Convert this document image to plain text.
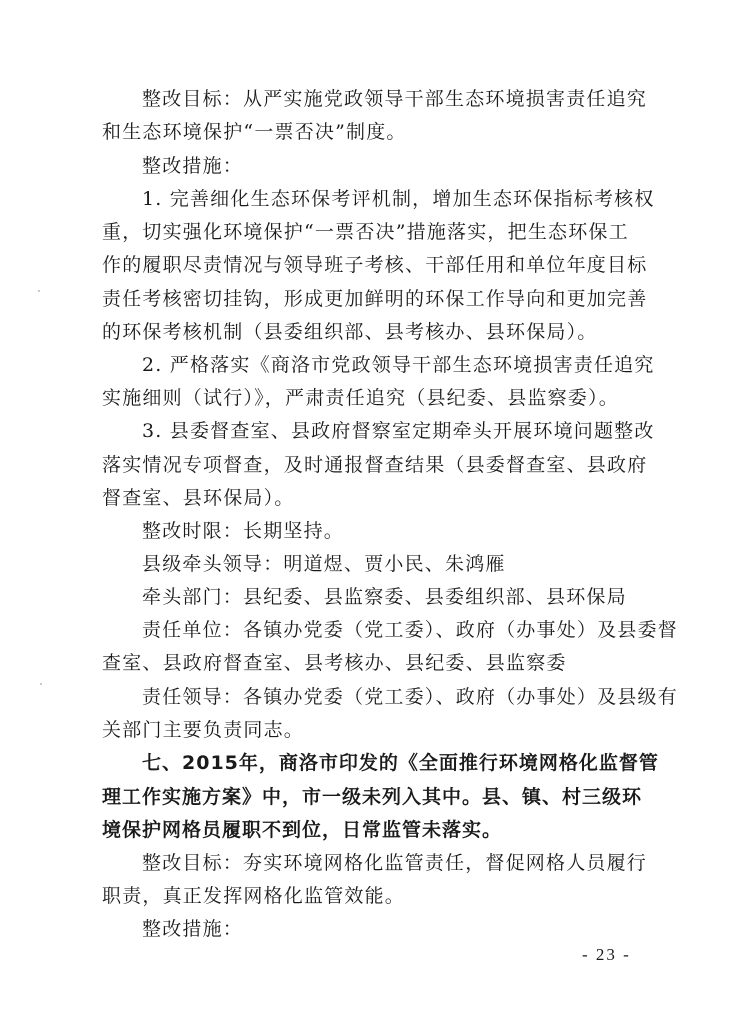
整改目标：从严实施党政领导干部生态环境损害责任追究
和生态环境保护“一票否决”制度。
整改措施：
1. 完善细化生态环保考评机制，增加生态环保指标考核权
重，切实强化环境保护“一票否决”措施落实，把生态环保工
作的履职尽责情况与领导班子考核、干部任用和单位年度目标
责任考核密切挂钩，形成更加鲜明的环保工作导向和更加完善
的环保考核机制（县委组织部、县考核办、县环保局）。
2. 严格落实《商洛市党政领导干部生态环境损害责任追究
实施细则（试行）》，严肃责任追究（县纪委、县监察委）。
3. 县委督查室、县政府督察室定期牵头开展环境问题整改
落实情况专项督查，及时通报督查结果（县委督查室、县政府
督查室、县环保局）。
整改时限：长期坚持。
县级牵头领导：明道煜、贾小民、朱鸿雁
牵头部门：县纪委、县监察委、县委组织部、县环保局
责任单位：各镇办党委（党工委）、政府（办事处）及县委督
查室、县政府督查室、县考核办、县纪委、县监察委
责任领导：各镇办党委（党工委）、政府（办事处）及县级有
关部门主要负责同志。
七、2015年，商洛市印发的《全面推行环境网格化监督管
理工作实施方案》中，市一级未列入其中。县、镇、村三级环
境保护网格员履职不到位，日常监管未落实。
整改目标：夯实环境网格化监管责任，督促网格人员履行
职责，真正发挥网格化监管效能。
整改措施：
- 23 -
